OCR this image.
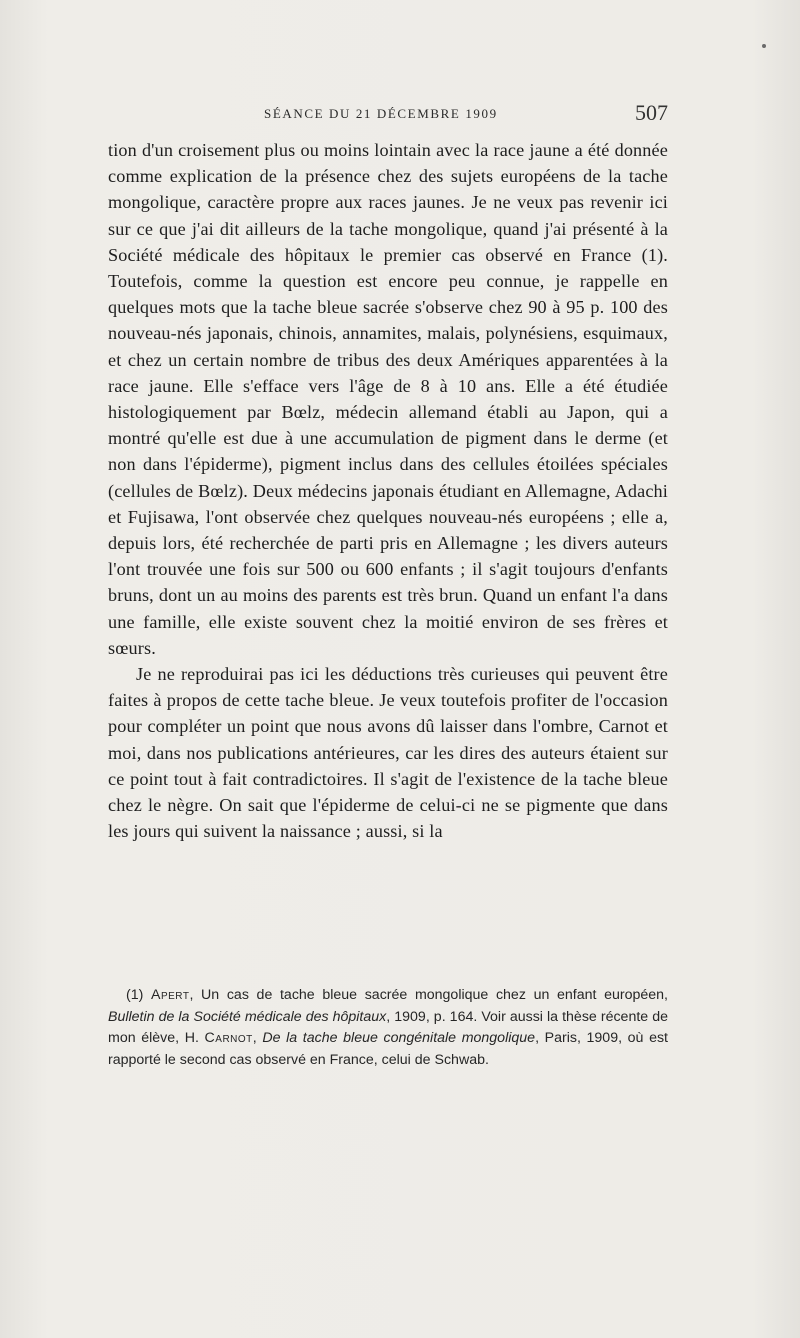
SÉANCE DU 21 DÉCEMBRE 1909	507

tion d'un croisement plus ou moins lointain avec la race jaune a été donnée comme explication de la présence chez des sujets européens de la tache mongolique, caractère propre aux races jaunes. Je ne veux pas revenir ici sur ce que j'ai dit ailleurs de la tache mongolique, quand j'ai présenté à la Société médicale des hôpitaux le premier cas observé en France (1). Toutefois, comme la question est encore peu connue, je rappelle en quelques mots que la tache bleue sacrée s'observe chez 90 à 95 p. 100 des nouveau-nés japonais, chinois, annamites, malais, polynésiens, esquimaux, et chez un certain nombre de tribus des deux Amériques apparentées à la race jaune. Elle s'efface vers l'âge de 8 à 10 ans. Elle a été étudiée histologiquement par Bœlz, médecin allemand établi au Japon, qui a montré qu'elle est due à une accumulation de pigment dans le derme (et non dans l'épiderme), pigment inclus dans des cellules étoilées spéciales (cellules de Bœlz). Deux médecins japonais étudiant en Allemagne, Adachi et Fujisawa, l'ont observée chez quelques nouveau-nés européens ; elle a, depuis lors, été recherchée de parti pris en Allemagne ; les divers auteurs l'ont trouvée une fois sur 500 ou 600 enfants ; il s'agit toujours d'enfants bruns, dont un au moins des parents est très brun. Quand un enfant l'a dans une famille, elle existe souvent chez la moitié environ de ses frères et sœurs.

Je ne reproduirai pas ici les déductions très curieuses qui peuvent être faites à propos de cette tache bleue. Je veux toutefois profiter de l'occasion pour compléter un point que nous avons dû laisser dans l'ombre, Carnot et moi, dans nos publications antérieures, car les dires des auteurs étaient sur ce point tout à fait contradictoires. Il s'agit de l'existence de la tache bleue chez le nègre. On sait que l'épiderme de celui-ci ne se pigmente que dans les jours qui suivent la naissance ; aussi, si la

(1) Apert, Un cas de tache bleue sacrée mongolique chez un enfant européen, Bulletin de la Société médicale des hôpitaux, 1909, p. 164. Voir aussi la thèse récente de mon élève, H. Carnot, De la tache bleue congénitale mongolique, Paris, 1909, où est rapporté le second cas observé en France, celui de Schwab.
